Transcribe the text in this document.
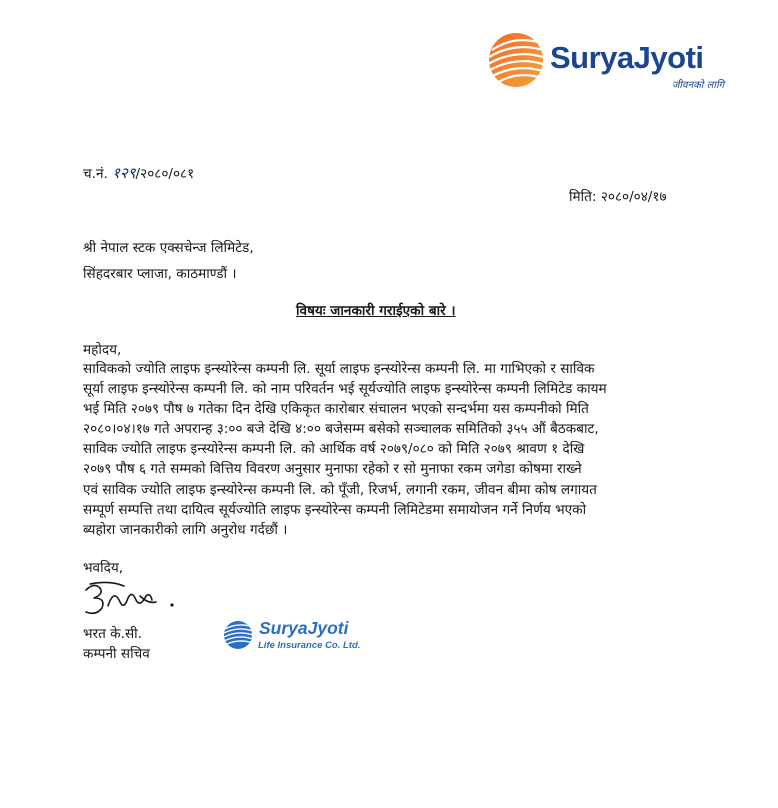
SuryaJyoti
जीवनको लागि
च.नं. १२९/२०८०/०८१
मिति: २०८०/०४/१७
श्री नेपाल स्टक एक्सचेन्ज लिमिटेड,
सिंहदरबार प्लाजा, काठमाण्डौं ।
विषयः जानकारी गराईएको बारे ।
महोदय,
साविकको ज्योति लाइफ इन्स्योरेन्स कम्पनी लि. सूर्या लाइफ इन्स्योरेन्स कम्पनी लि. मा गाभिएको र साविक
सूर्या लाइफ इन्स्योरेन्स कम्पनी लि. को नाम परिवर्तन भई सूर्यज्योति लाइफ इन्स्योरेन्स कम्पनी लिमिटेड कायम
भई मिति २०७९ पौष ७ गतेका दिन देखि एकिकृत कारोबार संचालन भएको सन्दर्भमा यस कम्पनीको मिति
२०८०।०४।१७ गते अपरान्ह ३:०० बजे देखि ४:०० बजेसम्म बसेको सञ्चालक समितिको ३५५ औं बैठकबाट,
साविक ज्योति लाइफ इन्स्योरेन्स कम्पनी लि. को आर्थिक वर्ष २०७९/०८० को मिति २०७९ श्रावण १ देखि
२०७९ पौष ६ गते सम्मको वित्तिय विवरण अनुसार मुनाफा रहेको र सो मुनाफा रकम जगेडा कोषमा राख्ने
एवं साविक ज्योति लाइफ इन्स्योरेन्स कम्पनी लि. को पूँजी, रिजर्भ, लगानी रकम, जीवन बीमा कोष लगायत
सम्पूर्ण सम्पत्ति तथा दायित्व सूर्यज्योति लाइफ इन्स्योरेन्स कम्पनी लिमिटेडमा समायोजन गर्ने निर्णय भएको
ब्यहोरा जानकारीको लागि अनुरोध गर्दछौं ।
भवदिय,
भरत के.सी.
कम्पनी सचिव
SuryaJyoti
Life Insurance Co. Ltd.
